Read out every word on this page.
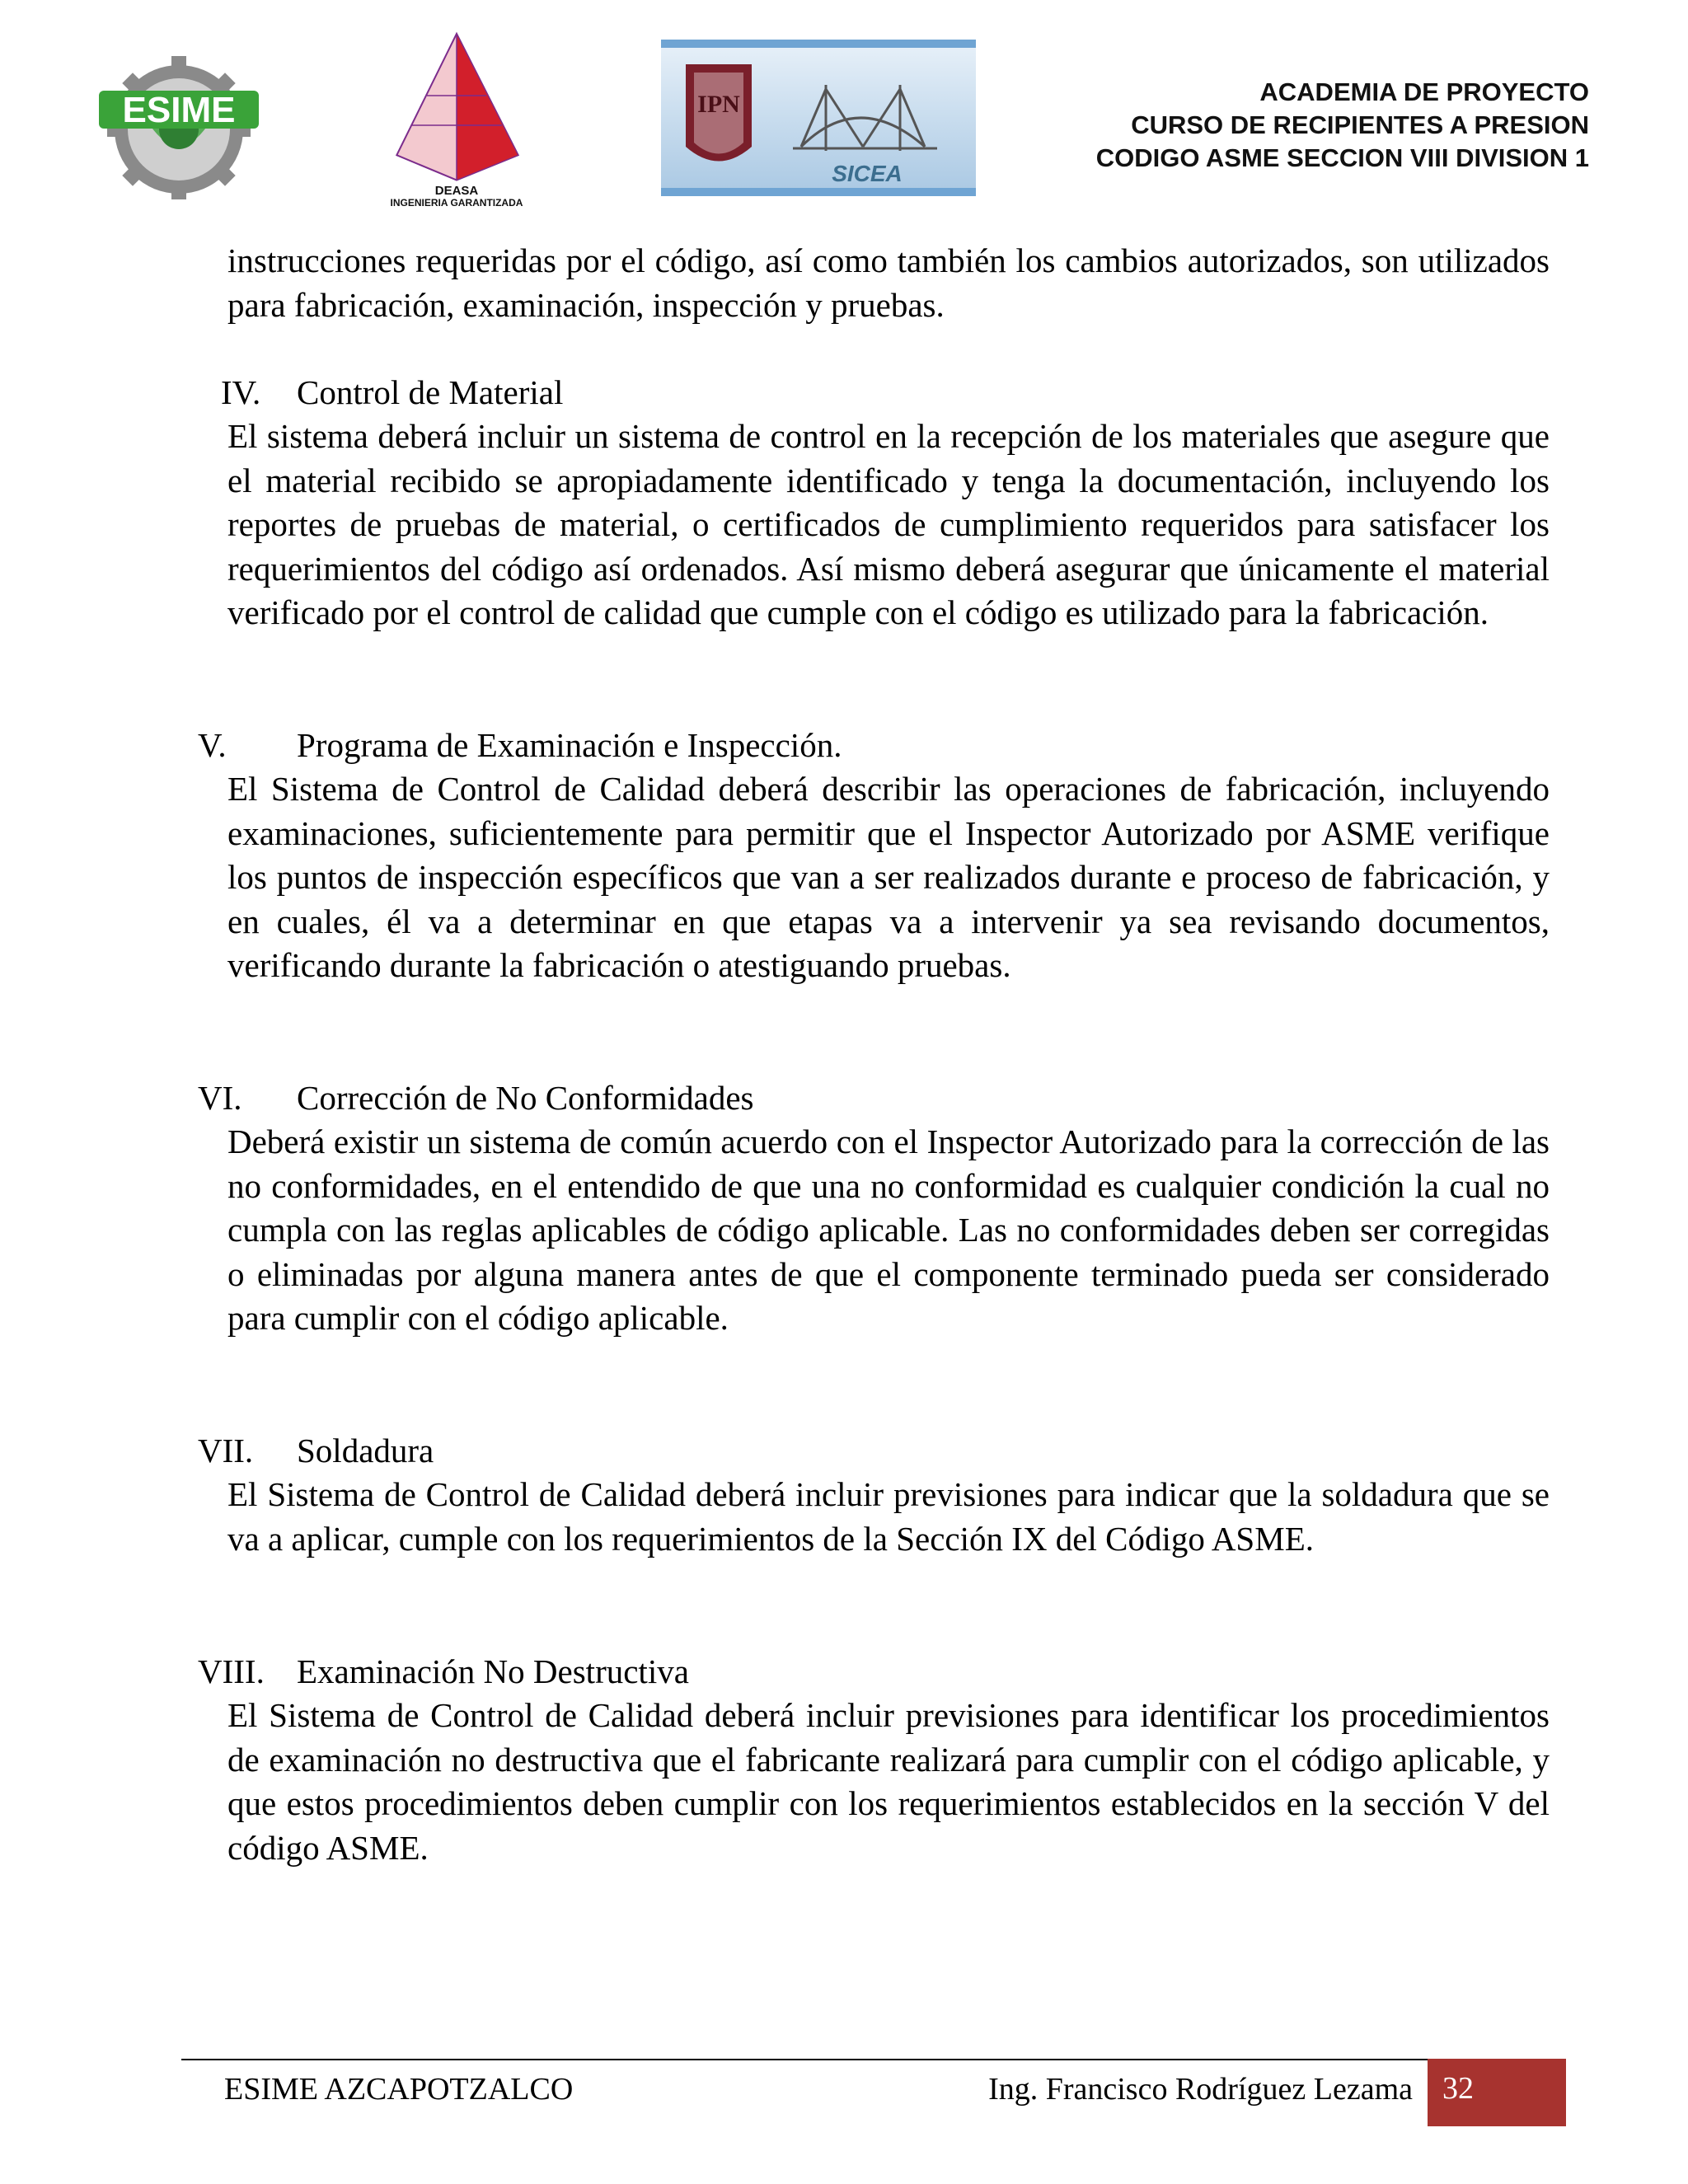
ESIME
DEASA
INGENIERIA GARANTIZADA
IPN
SICEA
ACADEMIA DE PROYECTO
CURSO DE RECIPIENTES A PRESION
CODIGO ASME SECCION VIII DIVISION 1

instrucciones requeridas por el código, así como también los cambios autorizados, son utilizados para fabricación, examinación, inspección y pruebas.

IV. Control de Material

El sistema deberá incluir un sistema de control en la recepción de los materiales que asegure que el material recibido se apropiadamente identificado y tenga la documentación, incluyendo los reportes de pruebas de material, o certificados de cumplimiento requeridos para satisfacer los requerimientos del código así ordenados. Así mismo deberá asegurar que únicamente el material verificado por el control de calidad que cumple con el código es utilizado para la fabricación.

V. Programa de Examinación e Inspección.

El Sistema de Control de Calidad deberá describir las operaciones de fabricación, incluyendo examinaciones, suficientemente para permitir que el Inspector Autorizado por ASME verifique los puntos de inspección específicos que van a ser realizados durante e proceso de fabricación, y en cuales, él va a determinar en que etapas va a intervenir ya sea revisando documentos, verificando durante la fabricación o atestiguando pruebas.

VI. Corrección de No Conformidades

Deberá existir un sistema de común acuerdo con el Inspector Autorizado para la corrección de las no conformidades, en el entendido de que una no conformidad es cualquier condición la cual no cumpla con las reglas aplicables de código aplicable. Las no conformidades deben ser corregidas o eliminadas por alguna manera antes de que el componente terminado pueda ser considerado para cumplir con el código aplicable.

VII. Soldadura

El Sistema de Control de Calidad deberá incluir previsiones para indicar que la soldadura que se va a aplicar, cumple con los requerimientos de la Sección IX del Código ASME.

VIII. Examinación No Destructiva

El Sistema de Control de Calidad deberá incluir previsiones para identificar los procedimientos de examinación no destructiva que el fabricante realizará para cumplir con el código aplicable, y que estos procedimientos deben cumplir con los requerimientos establecidos en la sección V del código ASME.

ESIME AZCAPOTZALCO	Ing. Francisco Rodríguez Lezama 32
